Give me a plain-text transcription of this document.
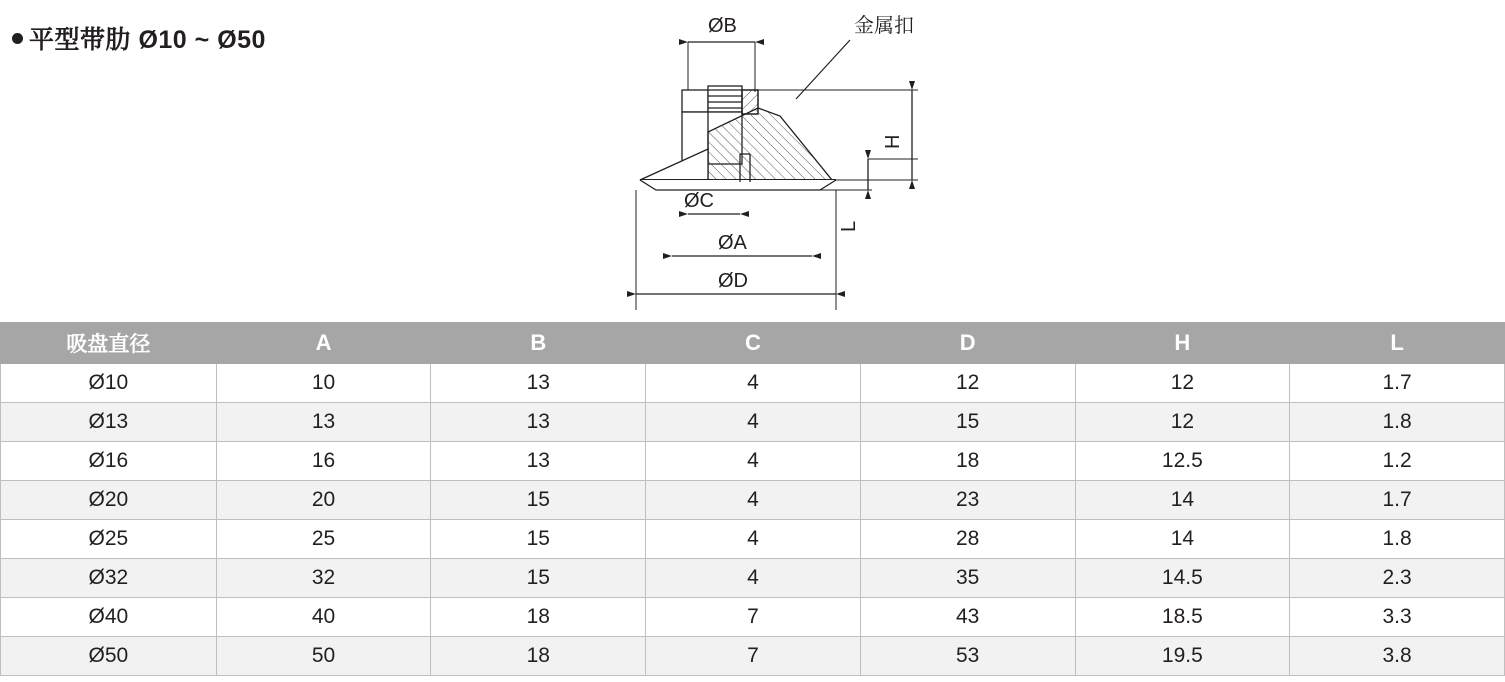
平型带肋 Ø10 ~ Ø50	ØB
ØC
ØA
ØD
金属扣
H
L
吸盘直径	A	B	C	D	H	L
Ø10	10	13	4	12	12	1.7
Ø13	13	13	4	15	12	1.8
Ø16	16	13	4	18	12.5	1.2
Ø20	20	15	4	23	14	1.7
Ø25	25	15	4	28	14	1.8
Ø32	32	15	4	35	14.5	2.3
Ø40	40	18	7	43	18.5	3.3
Ø50	50	18	7	53	19.5	3.8
